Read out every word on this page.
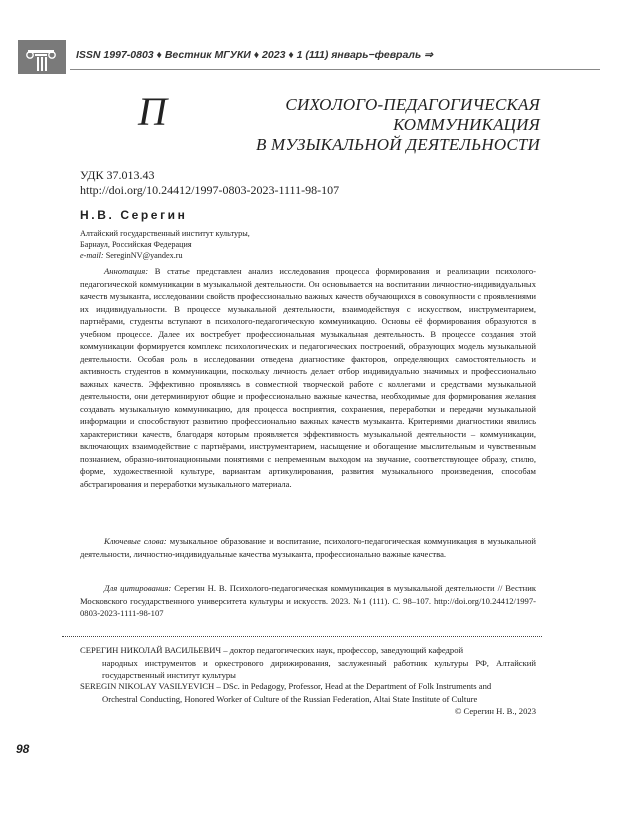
ISSN 1997-0803 ♦ Вестник МГУКИ ♦ 2023 ♦ 1 (111) январь−февраль ⇒
П	СИХОЛОГО-ПЕДАГОГИЧЕСКАЯ КОММУНИКАЦИЯ
В МУЗЫКАЛЬНОЙ ДЕЯТЕЛЬНОСТИ
УДК 37.013.43
http://doi.org/10.24412/1997-0803-2023-1111-98-107
Н.В. Серегин
Алтайский государственный институт культуры,
Барнаул, Российская Федерация
e-mail: SereginNV@yandex.ru

Аннотация: В статье представлен анализ исследования процесса формирования и реализации психолого-педагогической коммуникации в музыкальной деятельности. Он основывается на воспитании личностно-индивидуальных качеств музыканта, исследовании свойств профессионально важных качеств обучающихся в совокупности с проявлениями их индивидуальности. В процессе музыкальной деятельности, взаимодействуя с искусством, инструментарием, партнёрами, студенты вступают в психолого-педагогическую коммуникацию. Основы её формирования образуются в учебном процессе. Далее их востребует профессиональная музыкальная деятельность. В процессе создания этой коммуникации формируется комплекс психологических и педагогических построений, образующих модель музыкальной деятельности. Особая роль в исследовании отведена диагностике факторов, определяющих самостоятельность и активность студентов в коммуникации, поскольку личность делает отбор индивидуально значимых и профессионально важных качеств. Эффективно проявляясь в совместной творческой работе с коллегами и средствами музыкальной деятельности, они детерминируют общие и профессионально важные качества, необходимые для формирования желания создавать музыкальную коммуникацию, для процесса восприятия, сохранения, переработки и передачи музыкальной информации и способствуют развитию профессионально важных качеств музыканта. Критериями диагностики явились характеристики качеств, благодаря которым проявляется эффективность музыкальной деятельности – коммуникации, включающих взаимодействие с партнёрами, инструментарием, насыщение и обогащение мыслительным и чувственным познанием, образно-интонационными понятиями с непременным выходом на звучание, соответствующее образу, стилю, форме, художественной культуре, вариантам артикулирования, развития музыкального произведения, способам абстрагирования и переработки музыкального материала.

Ключевые слова: музыкальное образование и воспитание, психолого-педагогическая коммуникация в музыкальной деятельности, личностно-индивидуальные качества музыканта, профессионально важные качества.
Для цитирования: Серегин Н. В. Психолого-педагогическая коммуникация в музыкальной деятельности // Вестник Московского государственного университета культуры и искусств. 2023. №1 (111). С. 98–107. http://doi.org/10.24412/1997-0803-2023-1111-98-107
СЕРЕГИН НИКОЛАЙ ВАСИЛЬЕВИЧ – доктор педагогических наук, профессор, заведующий кафедрой
народных инструментов и оркестрового дирижирования, заслуженный работник культуры РФ, Алтайский государственный институт культуры
SEREGIN NIKOLAY VASILYEVICH – DSc. in Pedagogy, Professor, Head at the Department of Folk Instruments and
Orchestral Conducting, Honored Worker of Culture of the Russian Federation, Altai State Institute of Culture
© Серегин Н. В., 2023
98
